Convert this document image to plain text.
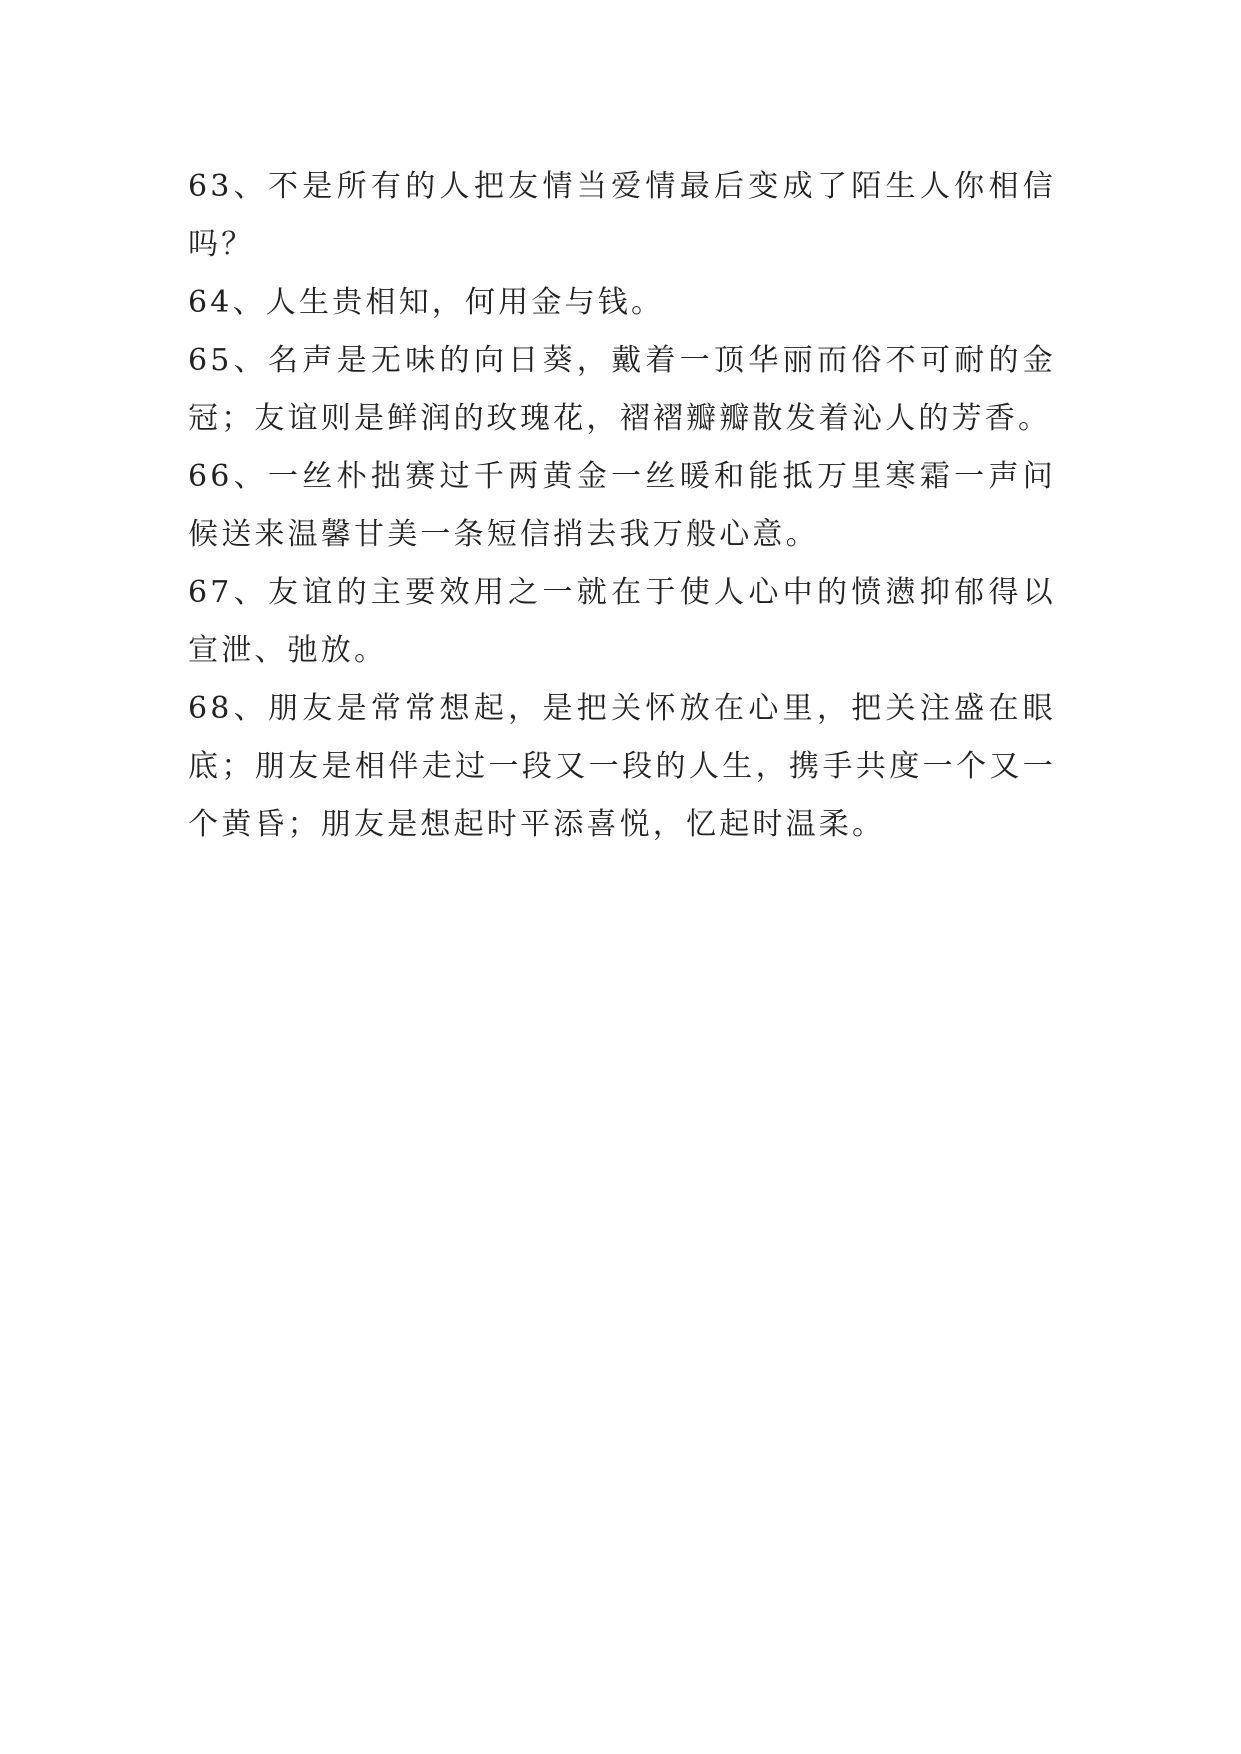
63、不是所有的人把友情当爱情最后变成了陌生人你相信吗？

64、人生贵相知，何用金与钱。

65、名声是无味的向日葵，戴着一顶华丽而俗不可耐的金冠；友谊则是鲜润的玫瑰花，褶褶瓣瓣散发着沁人的芳香。

66、一丝朴拙赛过千两黄金一丝暖和能抵万里寒霜一声问候送来温馨甘美一条短信捎去我万般心意。

67、友谊的主要效用之一就在于使人心中的愤懑抑郁得以宣泄、弛放。

68、朋友是常常想起，是把关怀放在心里，把关注盛在眼底；朋友是相伴走过一段又一段的人生，携手共度一个又一个黄昏；朋友是想起时平添喜悦，忆起时温柔。
